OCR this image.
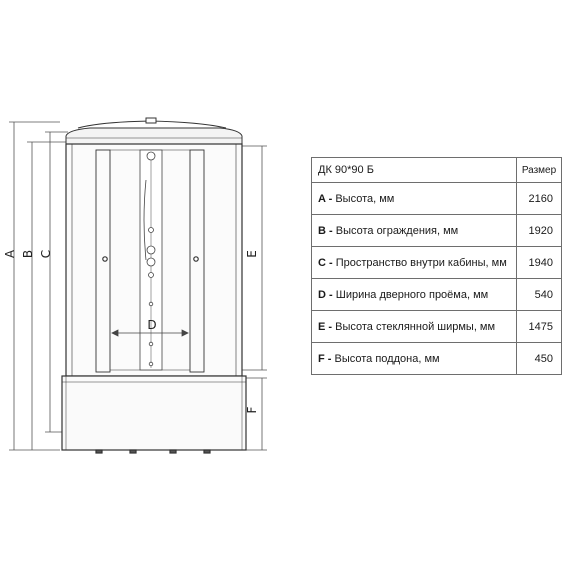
A B C
D
E
F
ДК 90*90 Б	Размер
A - Высота, мм	2160
B - Высота ограждения, мм	1920
C - Пространство внутри кабины, мм	1940
D - Ширина дверного проёма, мм	540
E - Высота стеклянной ширмы, мм	1475
F - Высота поддона, мм	450
